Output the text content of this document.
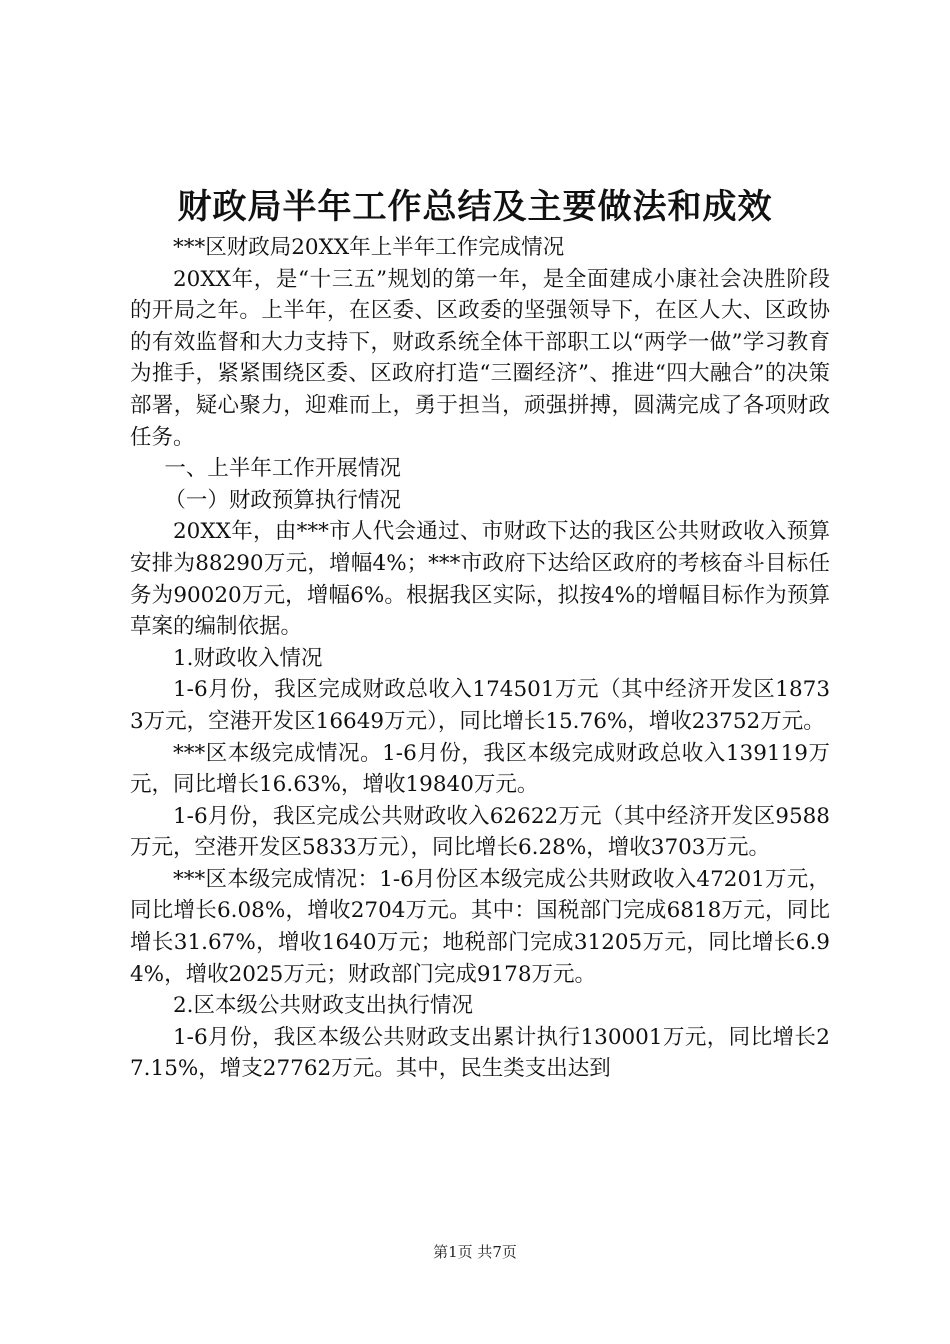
财政局半年工作总结及主要做法和成效

***区财政局20XX年上半年工作完成情况

20XX年，是“十三五”规划的第一年，是全面建成小康社会决胜阶段的开局之年。上半年，在区委、区政委的坚强领导下，在区人大、区政协的有效监督和大力支持下，财政系统全体干部职工以“两学一做”学习教育为推手，紧紧围绕区委、区政府打造“三圈经济”、推进“四大融合”的决策部署，疑心聚力，迎难而上，勇于担当，顽强拼搏，圆满完成了各项财政任务。

一、上半年工作开展情况

（一）财政预算执行情况

20XX年，由***市人代会通过、市财政下达的我区公共财政收入预算安排为88290万元，增幅4%；***市政府下达给区政府的考核奋斗目标任务为90020万元，增幅6%。根据我区实际，拟按4%的增幅目标作为预算草案的编制依据。

1.财政收入情况

1-6月份，我区完成财政总收入174501万元（其中经济开发区18733万元，空港开发区16649万元），同比增长15.76%，增收23752万元。

***区本级完成情况。1-6月份，我区本级完成财政总收入139119万元，同比增长16.63%，增收19840万元。

1-6月份，我区完成公共财政收入62622万元（其中经济开发区9588万元，空港开发区5833万元），同比增长6.28%，增收3703万元。

***区本级完成情况：1-6月份区本级完成公共财政收入47201万元，同比增长6.08%，增收2704万元。其中：国税部门完成6818万元，同比增长31.67%，增收1640万元；地税部门完成31205万元，同比增长6.94%，增收2025万元；财政部门完成9178万元。

2.区本级公共财政支出执行情况

1-6月份，我区本级公共财政支出累计执行130001万元，同比增长27.15%，增支27762万元。其中，民生类支出达到

第1页 共7页
